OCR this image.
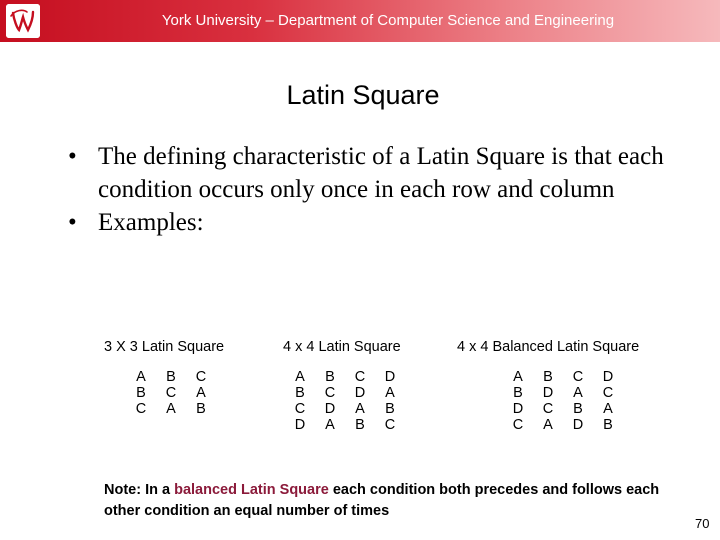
York University – Department of Computer Science and Engineering
Latin Square
• The defining characteristic of a Latin Square is that each condition occurs only once in each row and column
• Examples:
3 X 3 Latin Square
A	B	C
B	C	A
C	A	B
4 x 4 Latin Square
A	B	C	D
B	C	D	A
C	D	A	B
D	A	B	C
4 x 4 Balanced Latin Square
A	B	C	D
B	D	A	C
D	C	B	A
C	A	D	B
Note: In a balanced Latin Square each condition both precedes and follows each other condition an equal number of times
70
